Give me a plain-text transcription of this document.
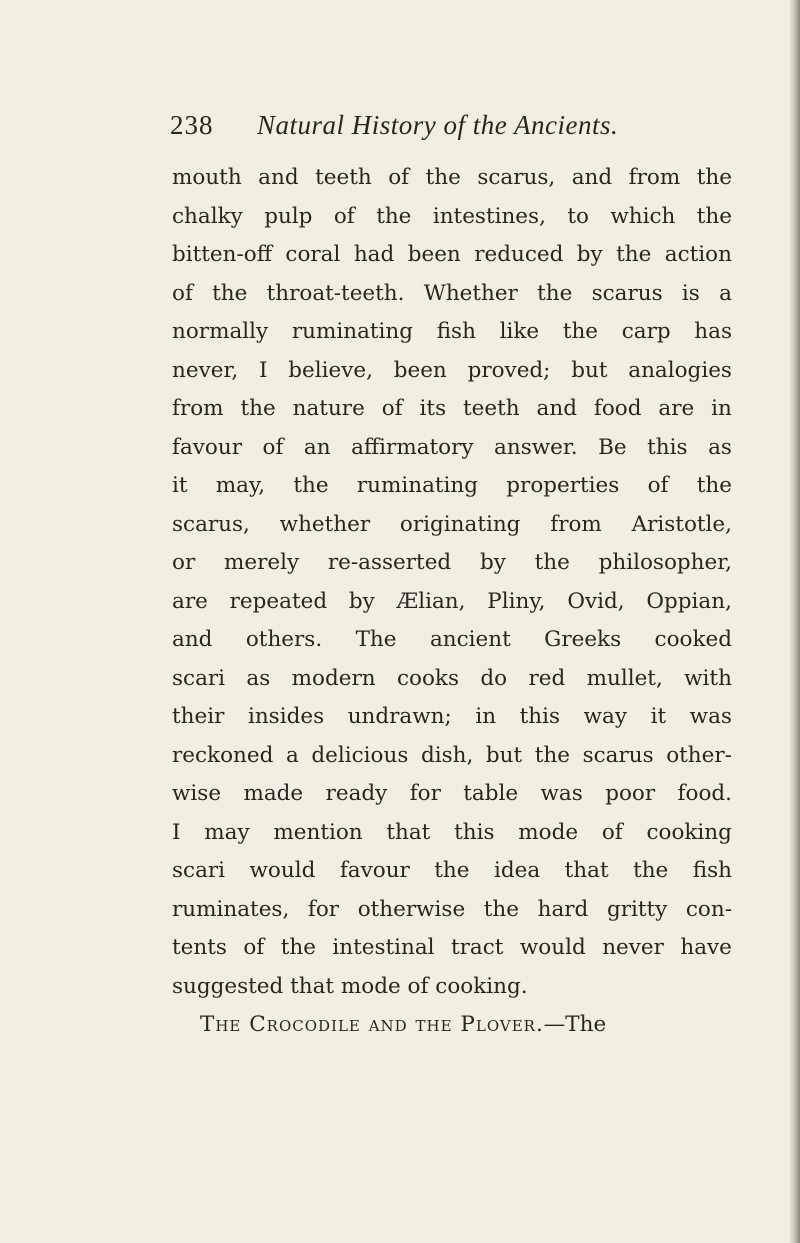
238 Natural History of the Ancients.
mouth and teeth of the scarus, and from the
chalky pulp of the intestines, to which the
bitten-off coral had been reduced by the action
of the throat-teeth. Whether the scarus is a
normally ruminating fish like the carp has
never, I believe, been proved; but analogies
from the nature of its teeth and food are in
favour of an affirmatory answer. Be this as
it may, the ruminating properties of the
scarus, whether originating from Aristotle,
or merely re-asserted by the philosopher,
are repeated by Ælian, Pliny, Ovid, Oppian,
and others. The ancient Greeks cooked
scari as modern cooks do red mullet, with
their insides undrawn; in this way it was
reckoned a delicious dish, but the scarus other-
wise made ready for table was poor food.
I may mention that this mode of cooking
scari would favour the idea that the fish
ruminates, for otherwise the hard gritty con-
tents of the intestinal tract would never have
suggested that mode of cooking.
The Crocodile and the Plover.—The
